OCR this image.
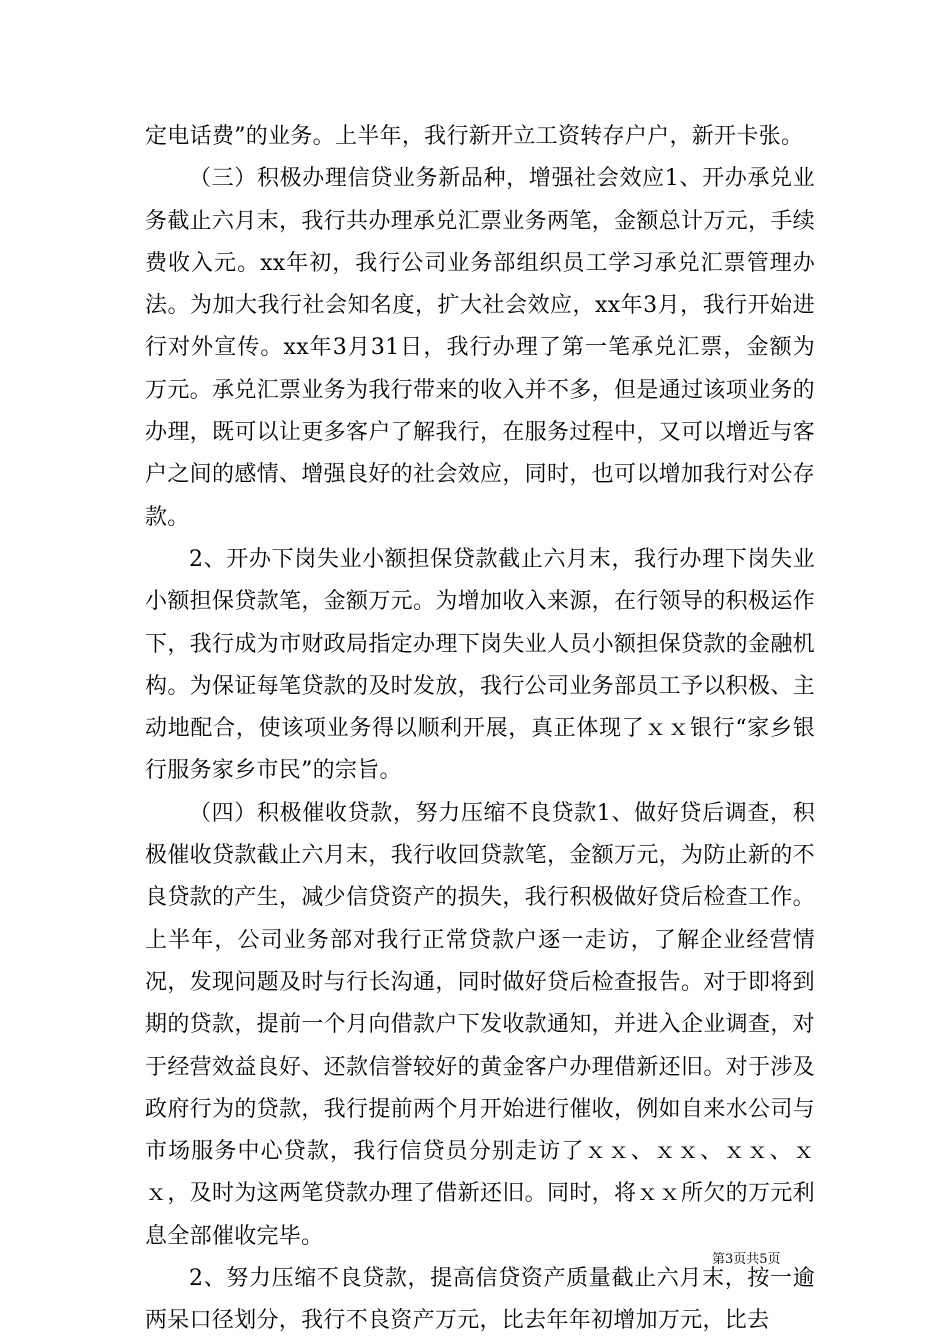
定电话费”的业务。上半年，我行新开立工资转存户户，新开卡张。

（三）积极办理信贷业务新品种，增强社会效应1、开办承兑业务截止六月末，我行共办理承兑汇票业务两笔，金额总计万元，手续费收入元。xx年初，我行公司业务部组织员工学习承兑汇票管理办法。为加大我行社会知名度，扩大社会效应，xx年3月，我行开始进行对外宣传。xx年3月31日，我行办理了第一笔承兑汇票，金额为万元。承兑汇票业务为我行带来的收入并不多，但是通过该项业务的办理，既可以让更多客户了解我行，在服务过程中，又可以增近与客户之间的感情、增强良好的社会效应，同时，也可以增加我行对公存款。

2、开办下岗失业小额担保贷款截止六月末，我行办理下岗失业小额担保贷款笔，金额万元。为增加收入来源，在行领导的积极运作下，我行成为市财政局指定办理下岗失业人员小额担保贷款的金融机构。为保证每笔贷款的及时发放，我行公司业务部员工予以积极、主动地配合，使该项业务得以顺利开展，真正体现了ｘｘ银行“家乡银行服务家乡市民”的宗旨。

（四）积极催收贷款，努力压缩不良贷款1、做好贷后调查，积极催收贷款截止六月末，我行收回贷款笔，金额万元，为防止新的不良贷款的产生，减少信贷资产的损失，我行积极做好贷后检查工作。上半年，公司业务部对我行正常贷款户逐一走访，了解企业经营情况，发现问题及时与行长沟通，同时做好贷后检查报告。对于即将到期的贷款，提前一个月向借款户下发收款通知，并进入企业调查，对于经营效益良好、还款信誉较好的黄金客户办理借新还旧。对于涉及政府行为的贷款，我行提前两个月开始进行催收，例如自来水公司与市场服务中心贷款，我行信贷员分别走访了ｘｘ、ｘｘ、ｘｘ、ｘｘ，及时为这两笔贷款办理了借新还旧。同时，将ｘｘ所欠的万元利息全部催收完毕。

2、努力压缩不良贷款，提高信贷资产质量截止六月末，按一逾两呆口径划分，我行不良资产万元，比去年年初增加万元，比去

第3页共5页
